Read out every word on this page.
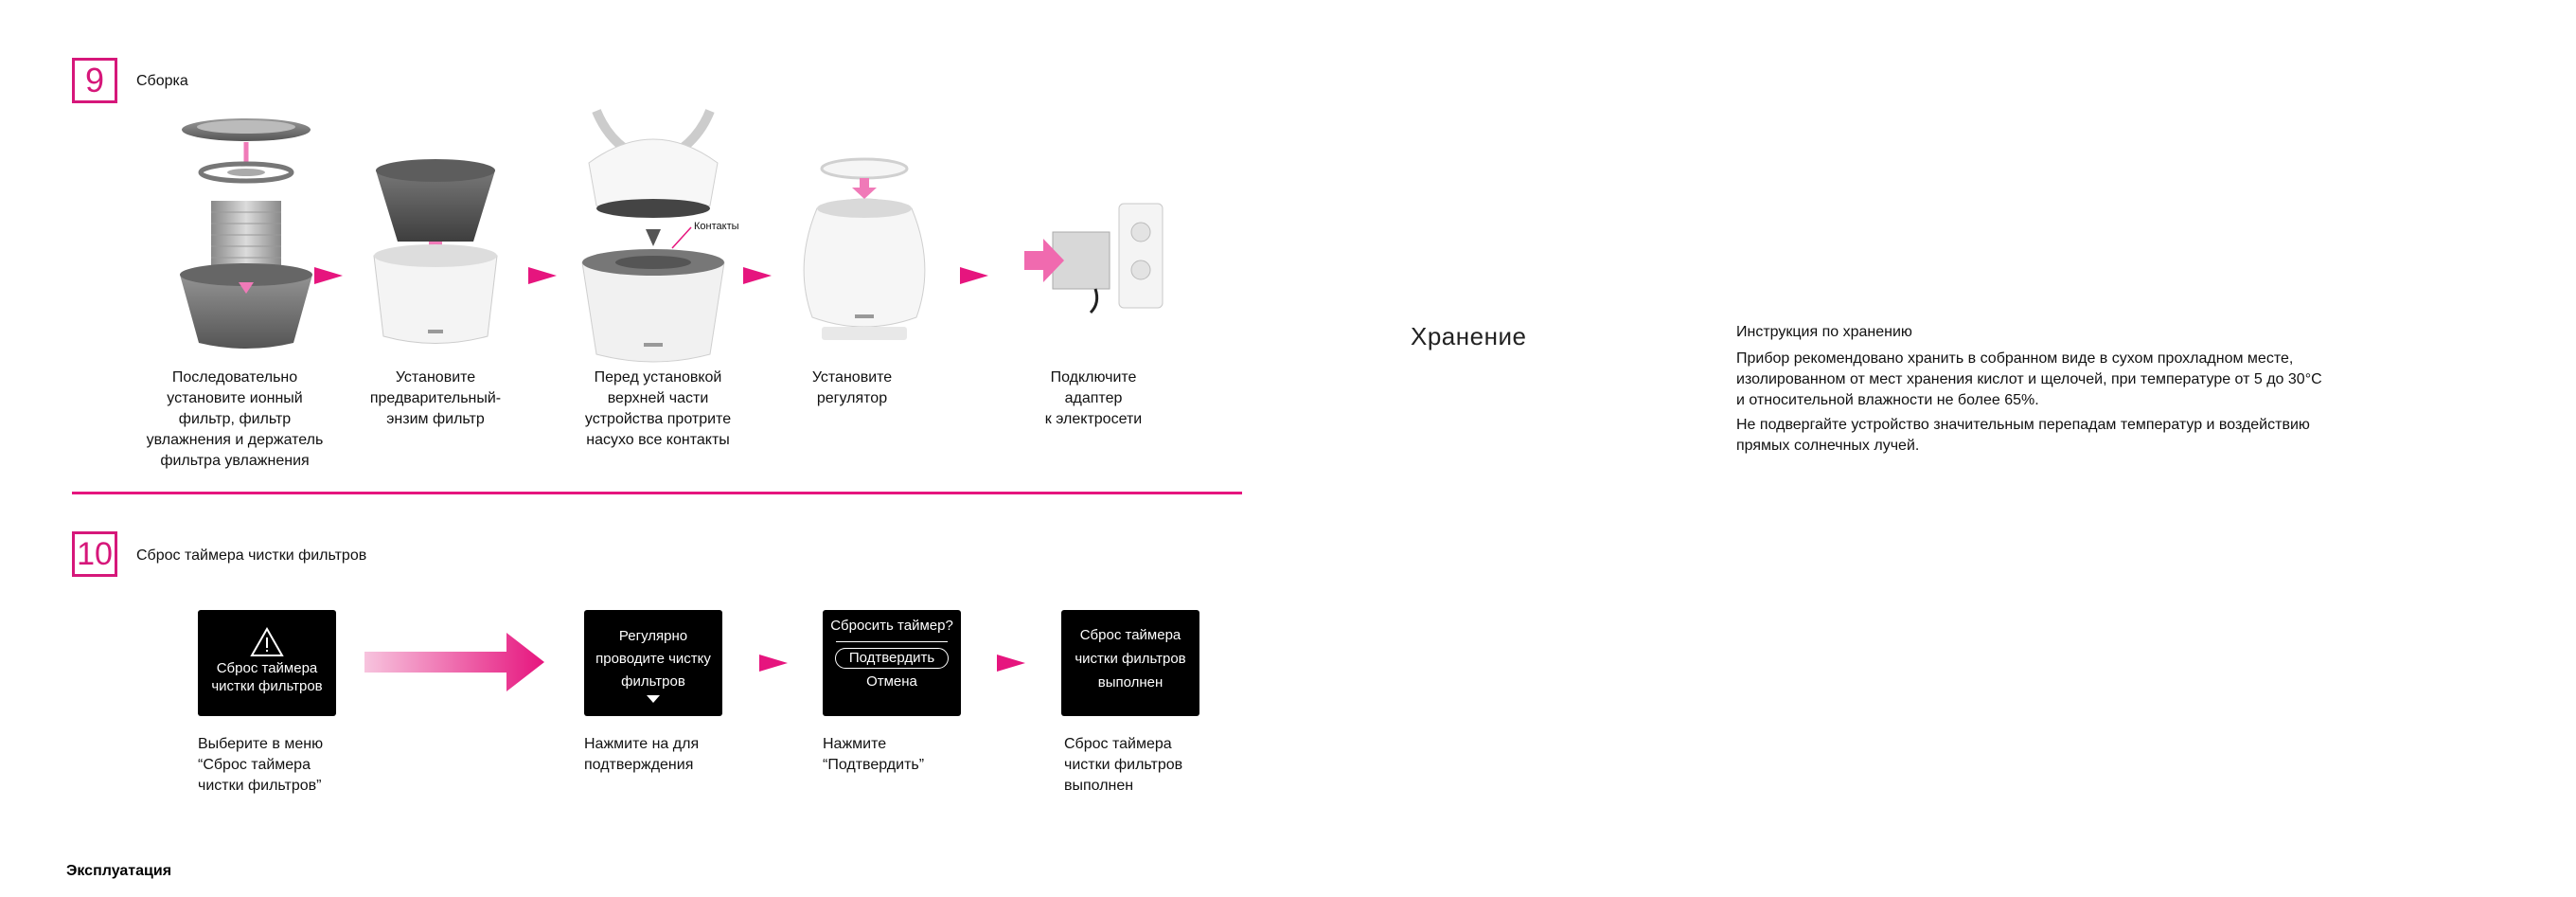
9	Сборка
Контакты
Последовательно
установите ионный
фильтр, фильтр
увлажнения и держатель
фильтра увлажнения
Установите
предварительный-
энзим фильтр
Перед установкой
верхней части
устройства протрите
насухо все контакты
Установите
регулятор
Подключите
адаптер
к электросети
10	Сброс таймера чистки фильтров
Сброс таймера
чистки фильтров
Регулярно
проводите чистку
фильтров
Сбросить таймер?
Подтвердить
Отмена
Сброс таймера
чистки фильтров
выполнен
Выберите в меню
“Сброс таймера
чистки фильтров”
Нажмите на для
подтверждения
Нажмите
“Подтвердить”
Сброс таймера
чистки фильтров
выполнен
Хранение	Инструкция по хранению
Прибор рекомендовано хранить в собранном виде в сухом прохладном месте,
изолированном от мест хранения кислот и щелочей, при температуре от 5 до 30°C
и относительной влажности не более 65%.
Не подвергайте устройство значительным перепадам температур и воздействию
прямых солнечных лучей.
Эксплуатация
